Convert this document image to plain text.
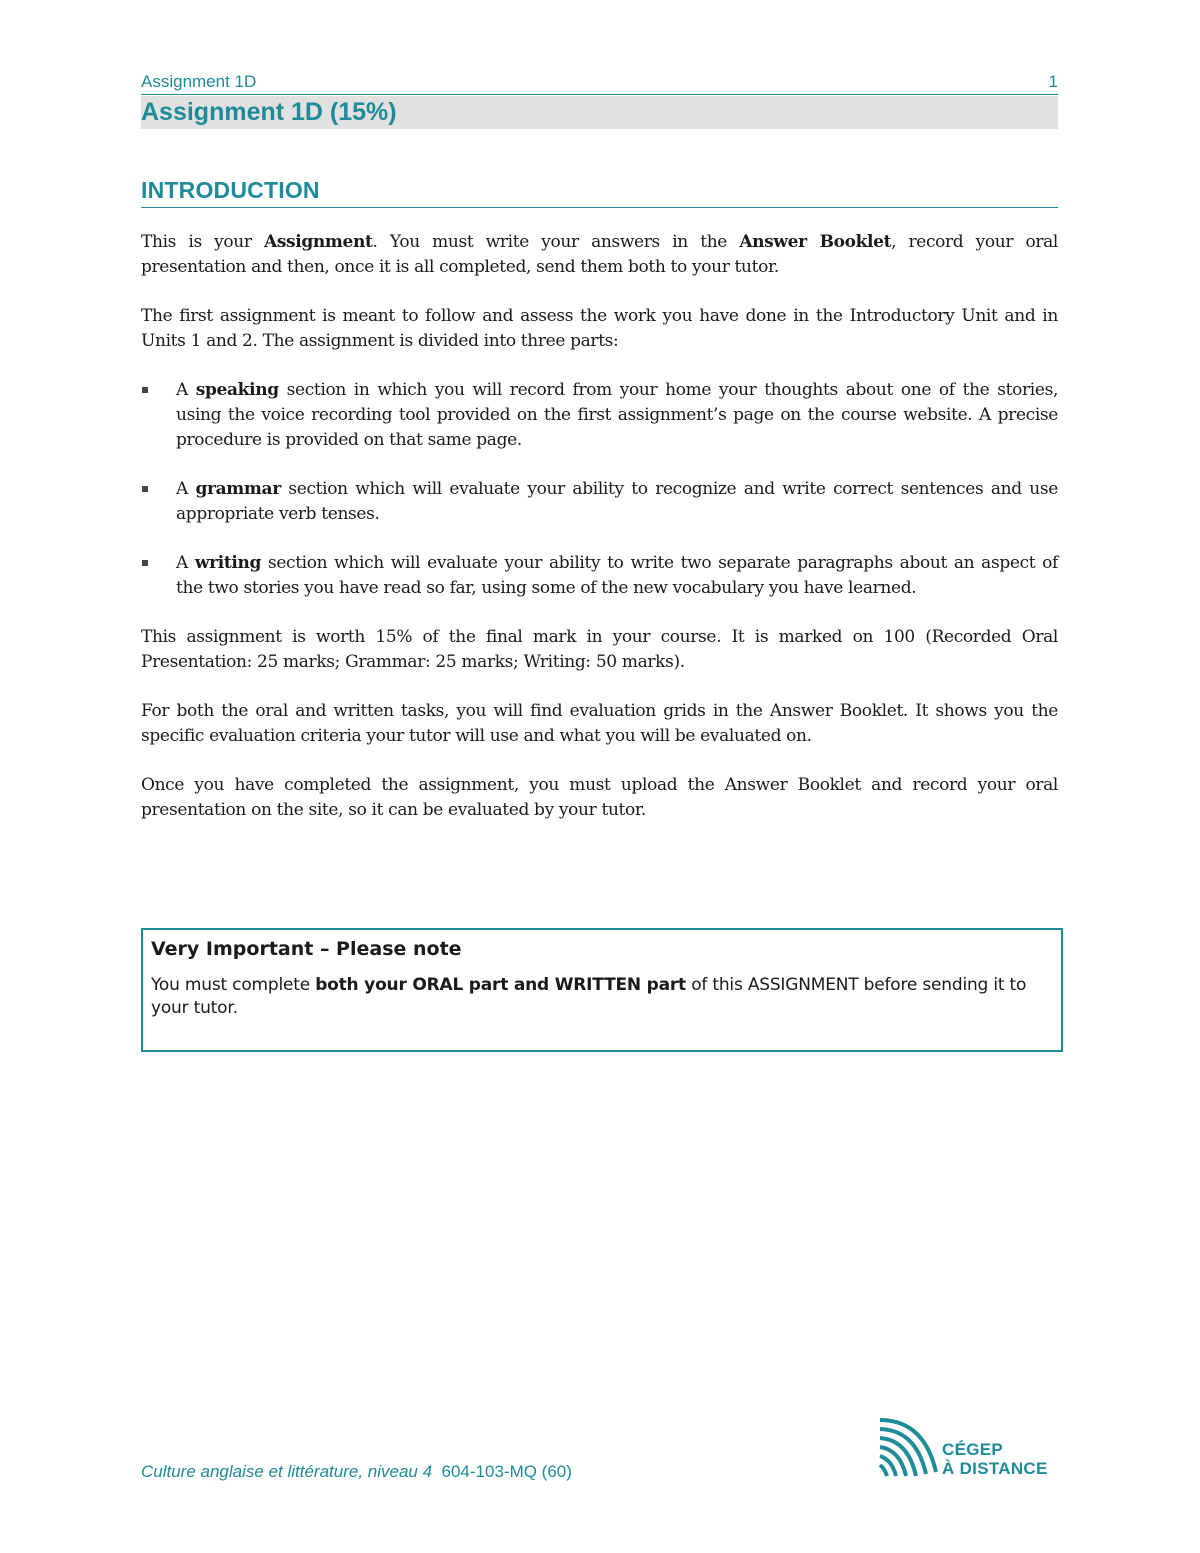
Assignment 1D	1
Assignment 1D (15%)
INTRODUCTION

This is your Assignment. You must write your answers in the Answer Booklet, record your oral presentation and then, once it is all completed, send them both to your tutor.

The first assignment is meant to follow and assess the work you have done in the Introductory Unit and in Units 1 and 2. The assignment is divided into three parts:

A speaking section in which you will record from your home your thoughts about one of the stories, using the voice recording tool provided on the first assignment’s page on the course website. A precise procedure is provided on that same page.
A grammar section which will evaluate your ability to recognize and write correct sentences and use appropriate verb tenses.
A writing section which will evaluate your ability to write two separate paragraphs about an aspect of the two stories you have read so far, using some of the new vocabulary you have learned.

This assignment is worth 15% of the final mark in your course. It is marked on 100 (Recorded Oral Presentation: 25 marks; Grammar: 25 marks; Writing: 50 marks).

For both the oral and written tasks, you will find evaluation grids in the Answer Booklet. It shows you the specific evaluation criteria your tutor will use and what you will be evaluated on.

Once you have completed the assignment, you must upload the Answer Booklet and record your oral presentation on the site, so it can be evaluated by your tutor.

Very Important – Please note

You must complete both your ORAL part and WRITTEN part of this ASSIGNMENT before sending it to your tutor.

Culture anglaise et littérature, niveau 4 604-103-MQ (60)
CÉGEP
À DISTANCE
